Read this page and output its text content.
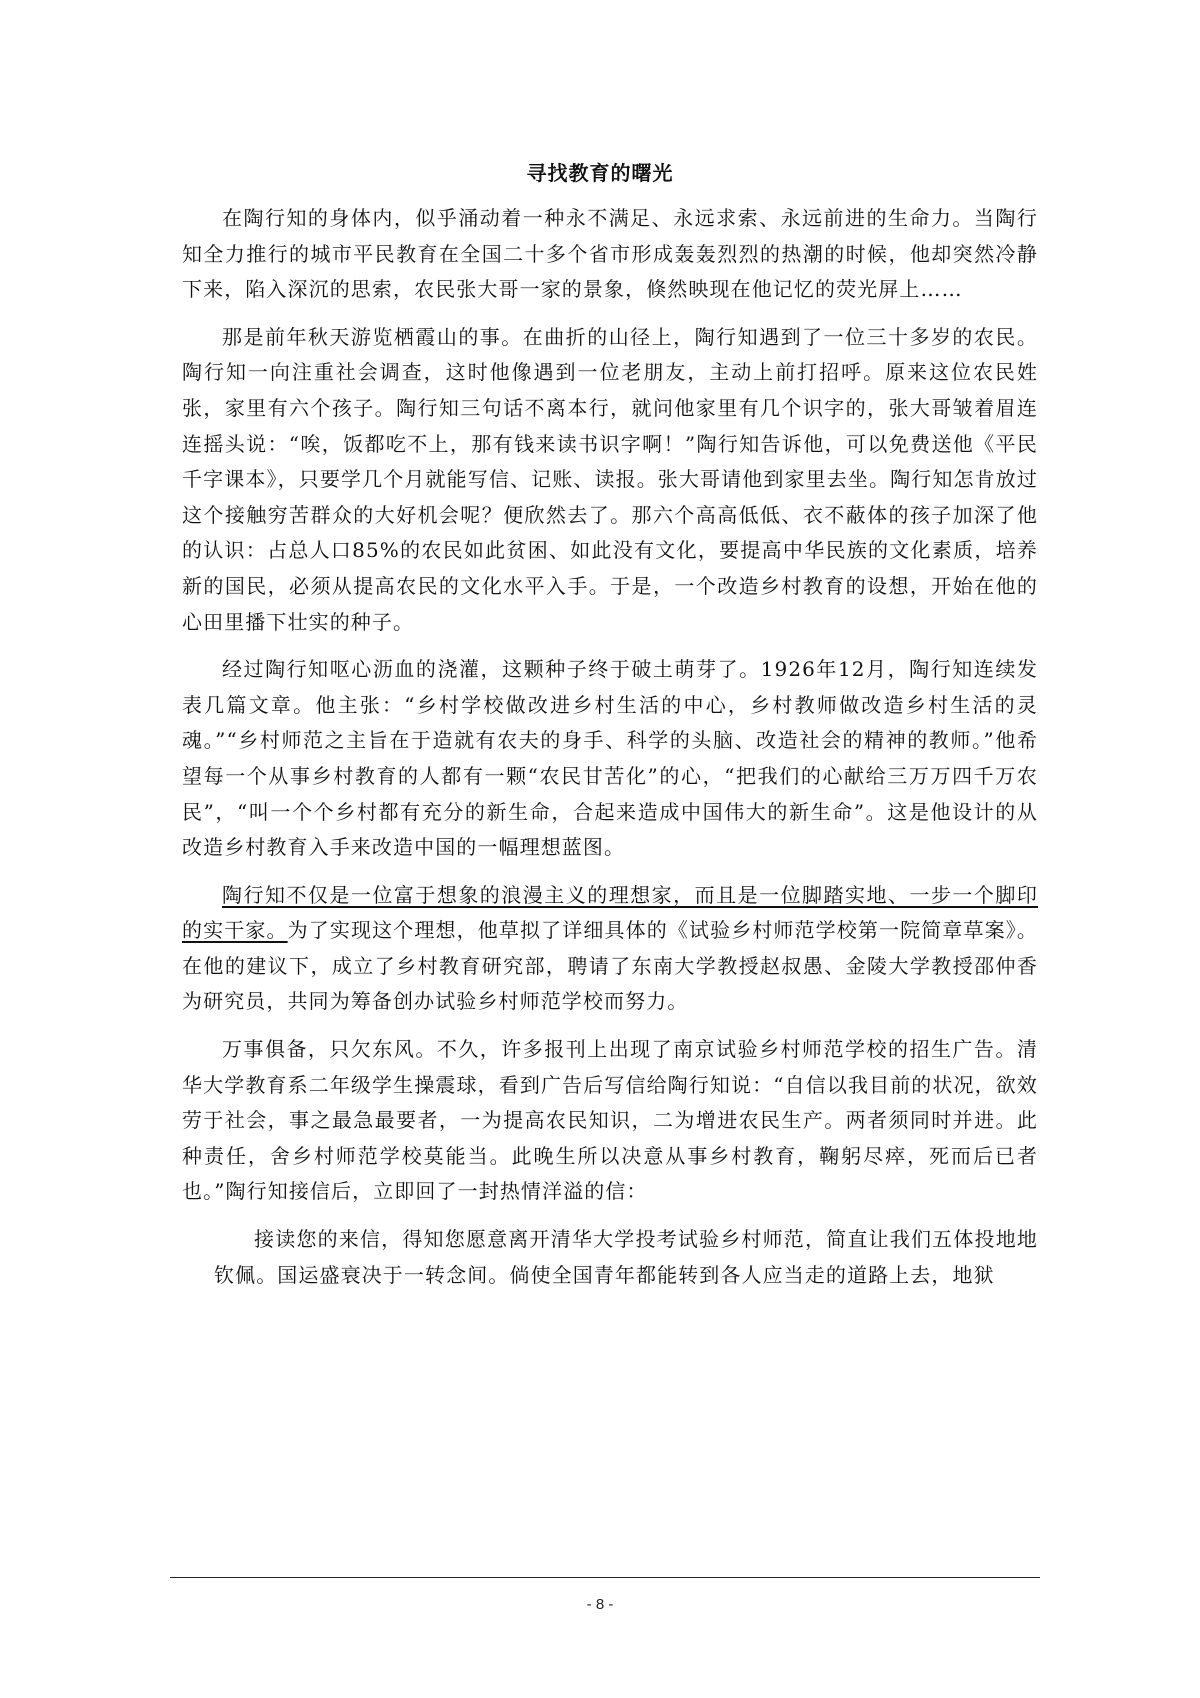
寻找教育的曙光

在陶行知的身体内，似乎涌动着一种永不满足、永远求索、永远前进的生命力。当陶行知全力推行的城市平民教育在全国二十多个省市形成轰轰烈烈的热潮的时候，他却突然冷静下来，陷入深沉的思索，农民张大哥一家的景象，倏然映现在他记忆的荧光屏上……

那是前年秋天游览栖霞山的事。在曲折的山径上，陶行知遇到了一位三十多岁的农民。陶行知一向注重社会调查，这时他像遇到一位老朋友，主动上前打招呼。原来这位农民姓张，家里有六个孩子。陶行知三句话不离本行，就问他家里有几个识字的，张大哥皱着眉连连摇头说：“唉，饭都吃不上，那有钱来读书识字啊！”陶行知告诉他，可以免费送他《平民千字课本》，只要学几个月就能写信、记账、读报。张大哥请他到家里去坐。陶行知怎肯放过这个接触穷苦群众的大好机会呢？便欣然去了。那六个高高低低、衣不蔽体的孩子加深了他的认识：占总人口85%的农民如此贫困、如此没有文化，要提高中华民族的文化素质，培养新的国民，必须从提高农民的文化水平入手。于是，一个改造乡村教育的设想，开始在他的心田里播下壮实的种子。

经过陶行知呕心沥血的浇灌，这颗种子终于破土萌芽了。1926年12月，陶行知连续发表几篇文章。他主张：“乡村学校做改进乡村生活的中心，乡村教师做改造乡村生活的灵魂。”“乡村师范之主旨在于造就有农夫的身手、科学的头脑、改造社会的精神的教师。”他希望每一个从事乡村教育的人都有一颗“农民甘苦化”的心，“把我们的心献给三万万四千万农民”，“叫一个个乡村都有充分的新生命，合起来造成中国伟大的新生命”。这是他设计的从改造乡村教育入手来改造中国的一幅理想蓝图。

陶行知不仅是一位富于想象的浪漫主义的理想家，而且是一位脚踏实地、一步一个脚印的实干家。为了实现这个理想，他草拟了详细具体的《试验乡村师范学校第一院简章草案》。在他的建议下，成立了乡村教育研究部，聘请了东南大学教授赵叔愚、金陵大学教授邵仲香为研究员，共同为筹备创办试验乡村师范学校而努力。

万事俱备，只欠东风。不久，许多报刊上出现了南京试验乡村师范学校的招生广告。清华大学教育系二年级学生操震球，看到广告后写信给陶行知说：“自信以我目前的状况，欲效劳于社会，事之最急最要者，一为提高农民知识，二为增进农民生产。两者须同时并进。此种责任，舍乡村师范学校莫能当。此晚生所以决意从事乡村教育，鞠躬尽瘁，死而后已者也。”陶行知接信后，立即回了一封热情洋溢的信：

接读您的来信，得知您愿意离开清华大学投考试验乡村师范，简直让我们五体投地地钦佩。国运盛衰决于一转念间。倘使全国青年都能转到各人应当走的道路上去，地狱

- 8 -
